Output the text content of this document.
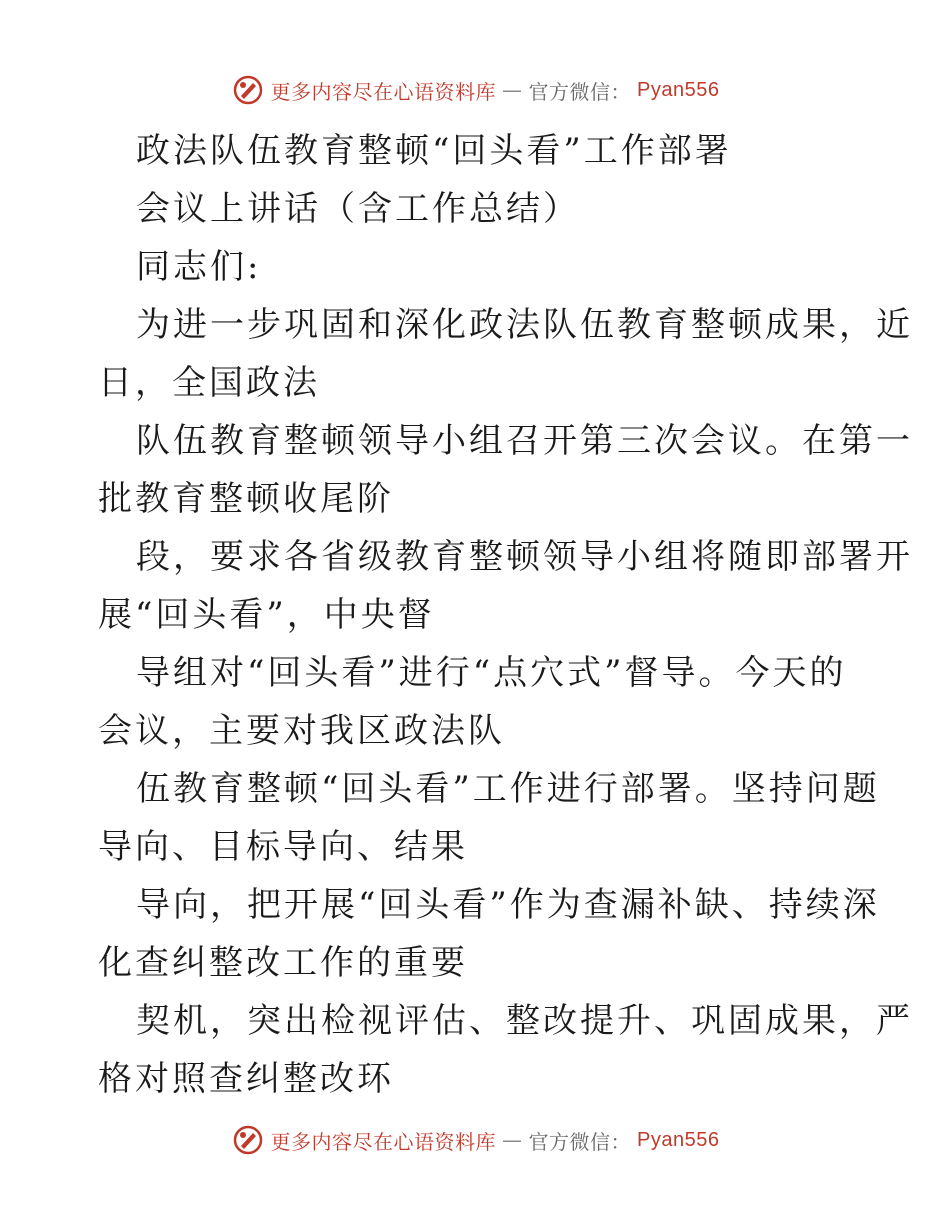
更多内容尽在心语资料库 — 官方微信： Pyan556
政法队伍教育整顿“回头看”工作部署
会议上讲话（含工作总结）
同志们:
为进一步巩固和深化政法队伍教育整顿成果，近
日，全国政法
队伍教育整顿领导小组召开第三次会议。在第一
批教育整顿收尾阶
段，要求各省级教育整顿领导小组将随即部署开
展“回头看”，中央督
导组对“回头看”进行“点穴式”督导。今天的
会议，主要对我区政法队
伍教育整顿“回头看”工作进行部署。坚持问题
导向、目标导向、结果
导向，把开展“回头看”作为查漏补缺、持续深
化查纠整改工作的重要
契机，突出检视评估、整改提升、巩固成果，严
格对照查纠整改环
更多内容尽在心语资料库 — 官方微信： Pyan556
